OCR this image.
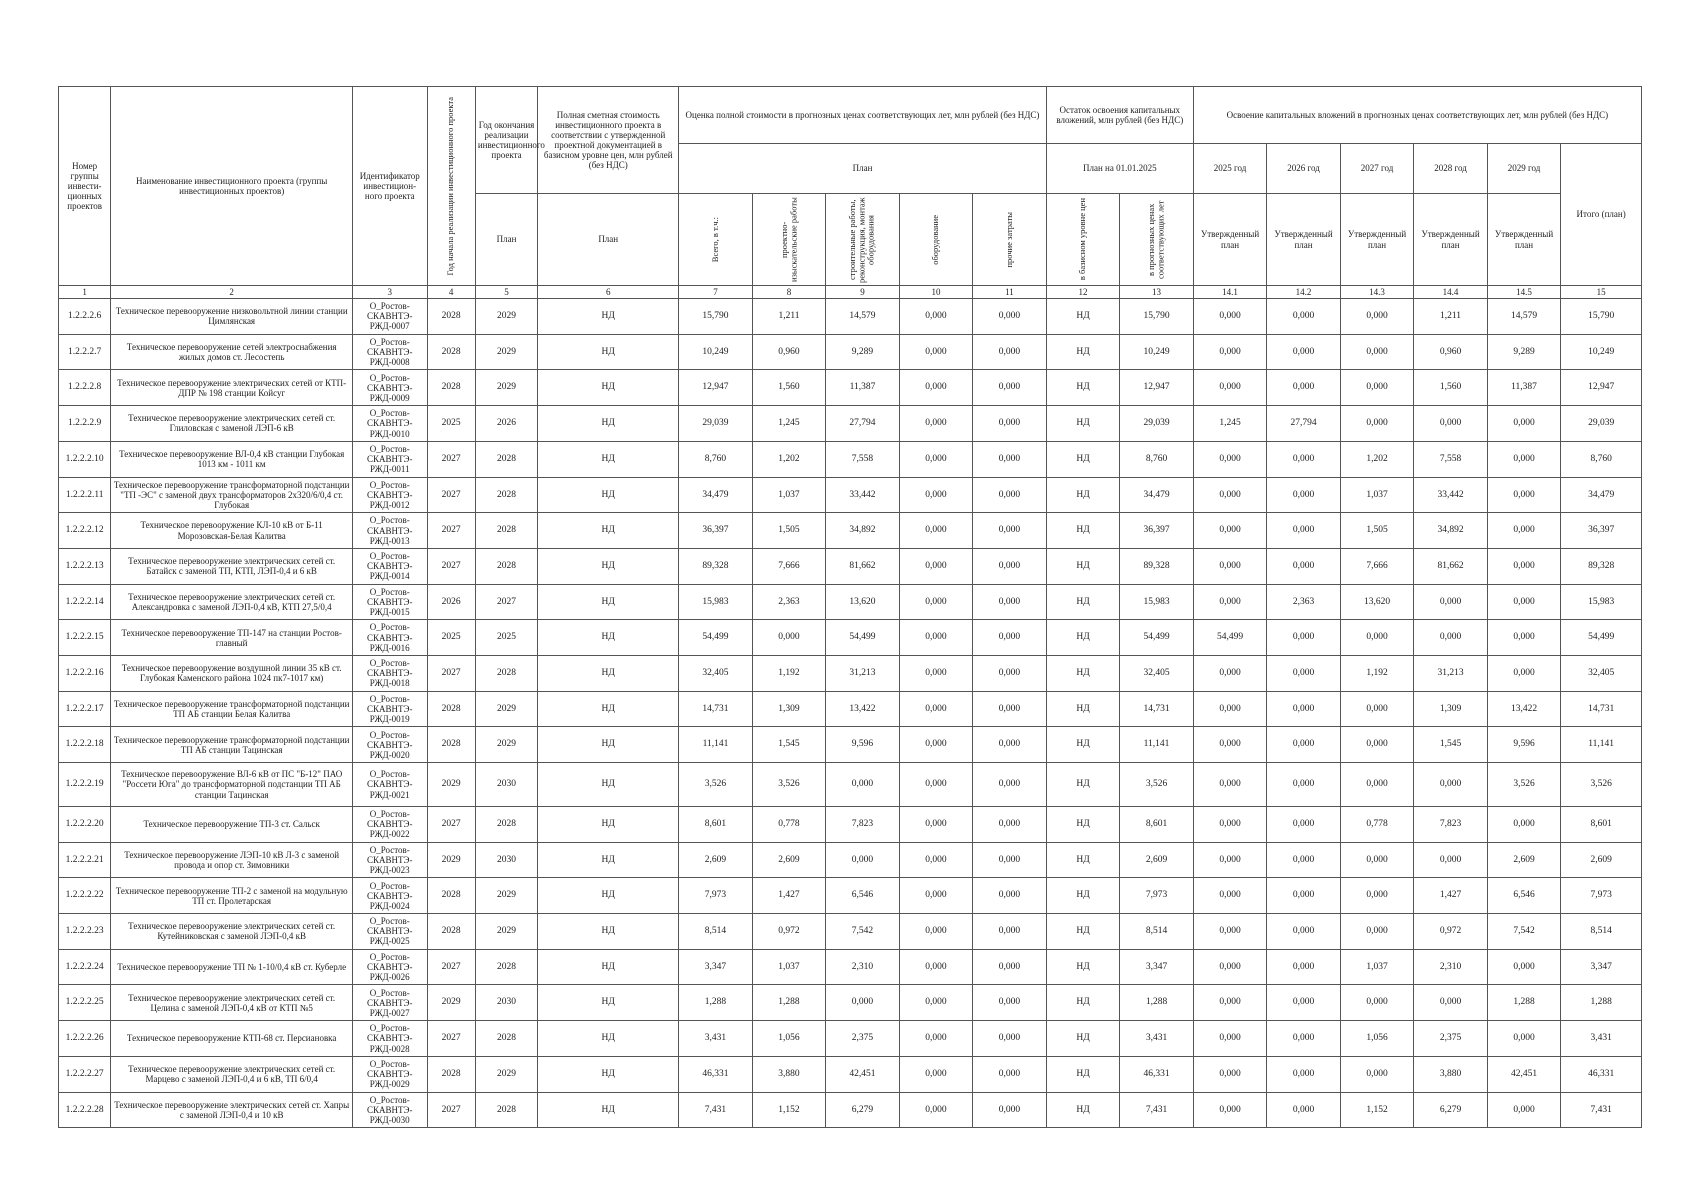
Номер группы инвести-ционных проектов	Наименование инвестиционного проекта (группы инвестиционных проектов)	Идентификатор инвестицион-ного проекта	Год начала реализации инвестиционного проекта	Год окончания реализации инвестиционного проекта	Полная сметная стоимость инвестиционного проекта в соответствии с утвержденной проектной документацией в базисном уровне цен, млн рублей (без НДС)	Оценка полной стоимости в прогнозных ценах соответствующих лет, млн рублей (без НДС)					Остаток освоения капитальных вложений, млн рублей (без НДС)		Освоение капитальных вложений в прогнозных ценах соответствующих лет, млн рублей (без НДС)					
						План					План на 01.01.2025		2025 год	2026 год	2027 год	2028 год	2029 год	Итого (план)
				План	План	Всего, в т.ч.:	проектно-изыскательские работы	строительные работы, реконструкция, монтаж оборудования	оборудование	прочие затраты	в базисном уровне цен	в прогнозных ценах соответствующих лет	Утвержденный план	Утвержденный план	Утвержденный план	Утвержденный план	Утвержденный план	
1	2	3	4	5	6	7	8	9	10	11	12	13	14.1	14.2	14.3	14.4	14.5	15
1.2.2.2.6	Техническое перевооружение низковольтной линии станции Цимлянская	O_Ростов-СКАВНТЭ-РЖД-0007	2028	2029	НД	15,790	1,211	14,579	0,000	0,000	НД	15,790	0,000	0,000	0,000	1,211	14,579	15,790
1.2.2.2.7	Техническое перевооружение сетей электроснабжения жилых домов ст. Лесостепь	O_Ростов-СКАВНТЭ-РЖД-0008	2028	2029	НД	10,249	0,960	9,289	0,000	0,000	НД	10,249	0,000	0,000	0,000	0,960	9,289	10,249
1.2.2.2.8	Техническое перевооружение электрических сетей от КТП-ДПР № 198 станции Койсуг	O_Ростов-СКАВНТЭ-РЖД-0009	2028	2029	НД	12,947	1,560	11,387	0,000	0,000	НД	12,947	0,000	0,000	0,000	1,560	11,387	12,947
1.2.2.2.9	Техническое перевооружение электрических сетей ст. Глиловская с заменой ЛЭП-6 кВ	O_Ростов-СКАВНТЭ-РЖД-0010	2025	2026	НД	29,039	1,245	27,794	0,000	0,000	НД	29,039	1,245	27,794	0,000	0,000	0,000	29,039
1.2.2.2.10	Техническое перевооружение ВЛ-0,4 кВ станции Глубокая 1013 км - 1011 км	O_Ростов-СКАВНТЭ-РЖД-0011	2027	2028	НД	8,760	1,202	7,558	0,000	0,000	НД	8,760	0,000	0,000	1,202	7,558	0,000	8,760
1.2.2.2.11	Техническое перевооружение трансформаторной подстанции "ТП -ЭС" с заменой двух трансформаторов 2х320/6/0,4 ст. Глубокая	O_Ростов-СКАВНТЭ-РЖД-0012	2027	2028	НД	34,479	1,037	33,442	0,000	0,000	НД	34,479	0,000	0,000	1,037	33,442	0,000	34,479
1.2.2.2.12	Техническое перевооружение КЛ-10 кВ от Б-11 Морозовская-Белая Калитва	O_Ростов-СКАВНТЭ-РЖД-0013	2027	2028	НД	36,397	1,505	34,892	0,000	0,000	НД	36,397	0,000	0,000	1,505	34,892	0,000	36,397
1.2.2.2.13	Техническое перевооружение электрических сетей ст. Батайск с заменой ТП, КТП, ЛЭП-0,4 и 6 кВ	O_Ростов-СКАВНТЭ-РЖД-0014	2027	2028	НД	89,328	7,666	81,662	0,000	0,000	НД	89,328	0,000	0,000	7,666	81,662	0,000	89,328
1.2.2.2.14	Техническое перевооружение электрических сетей ст. Александровка с заменой ЛЭП-0,4 кВ, КТП 27,5/0,4	O_Ростов-СКАВНТЭ-РЖД-0015	2026	2027	НД	15,983	2,363	13,620	0,000	0,000	НД	15,983	0,000	2,363	13,620	0,000	0,000	15,983
1.2.2.2.15	Техническое перевооружение ТП-147 на станции Ростов-главный	O_Ростов-СКАВНТЭ-РЖД-0016	2025	2025	НД	54,499	0,000	54,499	0,000	0,000	НД	54,499	54,499	0,000	0,000	0,000	0,000	54,499
1.2.2.2.16	Техническое перевооружение воздушной линии 35 кВ ст. Глубокая Каменского района 1024 пк7-1017 км)	O_Ростов-СКАВНТЭ-РЖД-0018	2027	2028	НД	32,405	1,192	31,213	0,000	0,000	НД	32,405	0,000	0,000	1,192	31,213	0,000	32,405
1.2.2.2.17	Техническое перевооружение трансформаторной подстанции ТП АБ станции Белая Калитва	O_Ростов-СКАВНТЭ-РЖД-0019	2028	2029	НД	14,731	1,309	13,422	0,000	0,000	НД	14,731	0,000	0,000	0,000	1,309	13,422	14,731
1.2.2.2.18	Техническое перевооружение трансформаторной подстанции ТП АБ станции Тацинская	O_Ростов-СКАВНТЭ-РЖД-0020	2028	2029	НД	11,141	1,545	9,596	0,000	0,000	НД	11,141	0,000	0,000	0,000	1,545	9,596	11,141
1.2.2.2.19	Техническое перевооружение ВЛ-6 кВ от ПС "Б-12" ПАО "Россети Юга" до трансформаторной подстанции ТП АБ станции Тацинская	O_Ростов-СКАВНТЭ-РЖД-0021	2029	2030	НД	3,526	3,526	0,000	0,000	0,000	НД	3,526	0,000	0,000	0,000	0,000	3,526	3,526
1.2.2.2.20	Техническое перевооружение ТП-3 ст. Сальск	O_Ростов-СКАВНТЭ-РЖД-0022	2027	2028	НД	8,601	0,778	7,823	0,000	0,000	НД	8,601	0,000	0,000	0,778	7,823	0,000	8,601
1.2.2.2.21	Техническое перевооружение ЛЭП-10 кВ Л-3 с заменой провода и опор ст. Зимовники	O_Ростов-СКАВНТЭ-РЖД-0023	2029	2030	НД	2,609	2,609	0,000	0,000	0,000	НД	2,609	0,000	0,000	0,000	0,000	2,609	2,609
1.2.2.2.22	Техническое перевооружение ТП-2 с заменой на модульную ТП ст. Пролетарская	O_Ростов-СКАВНТЭ-РЖД-0024	2028	2029	НД	7,973	1,427	6,546	0,000	0,000	НД	7,973	0,000	0,000	0,000	1,427	6,546	7,973
1.2.2.2.23	Техническое перевооружение электрических сетей ст. Кутейниковская с заменой ЛЭП-0,4 кВ	O_Ростов-СКАВНТЭ-РЖД-0025	2028	2029	НД	8,514	0,972	7,542	0,000	0,000	НД	8,514	0,000	0,000	0,000	0,972	7,542	8,514
1.2.2.2.24	Техническое перевооружение ТП № 1-10/0,4 кВ ст. Куберле	O_Ростов-СКАВНТЭ-РЖД-0026	2027	2028	НД	3,347	1,037	2,310	0,000	0,000	НД	3,347	0,000	0,000	1,037	2,310	0,000	3,347
1.2.2.2.25	Техническое перевооружение электрических сетей ст. Целина с заменой ЛЭП-0,4 кВ от КТП №5	O_Ростов-СКАВНТЭ-РЖД-0027	2029	2030	НД	1,288	1,288	0,000	0,000	0,000	НД	1,288	0,000	0,000	0,000	0,000	1,288	1,288
1.2.2.2.26	Техническое перевооружение КТП-68 ст. Персиановка	O_Ростов-СКАВНТЭ-РЖД-0028	2027	2028	НД	3,431	1,056	2,375	0,000	0,000	НД	3,431	0,000	0,000	1,056	2,375	0,000	3,431
1.2.2.2.27	Техническое перевооружение электрических сетей ст. Марцево с заменой ЛЭП-0,4 и 6 кВ, ТП 6/0,4	O_Ростов-СКАВНТЭ-РЖД-0029	2028	2029	НД	46,331	3,880	42,451	0,000	0,000	НД	46,331	0,000	0,000	0,000	3,880	42,451	46,331
1.2.2.2.28	Техническое перевооружение электрических сетей ст. Хапры с заменой ЛЭП-0,4 и 10 кВ	O_Ростов-СКАВНТЭ-РЖД-0030	2027	2028	НД	7,431	1,152	6,279	0,000	0,000	НД	7,431	0,000	0,000	1,152	6,279	0,000	7,431
